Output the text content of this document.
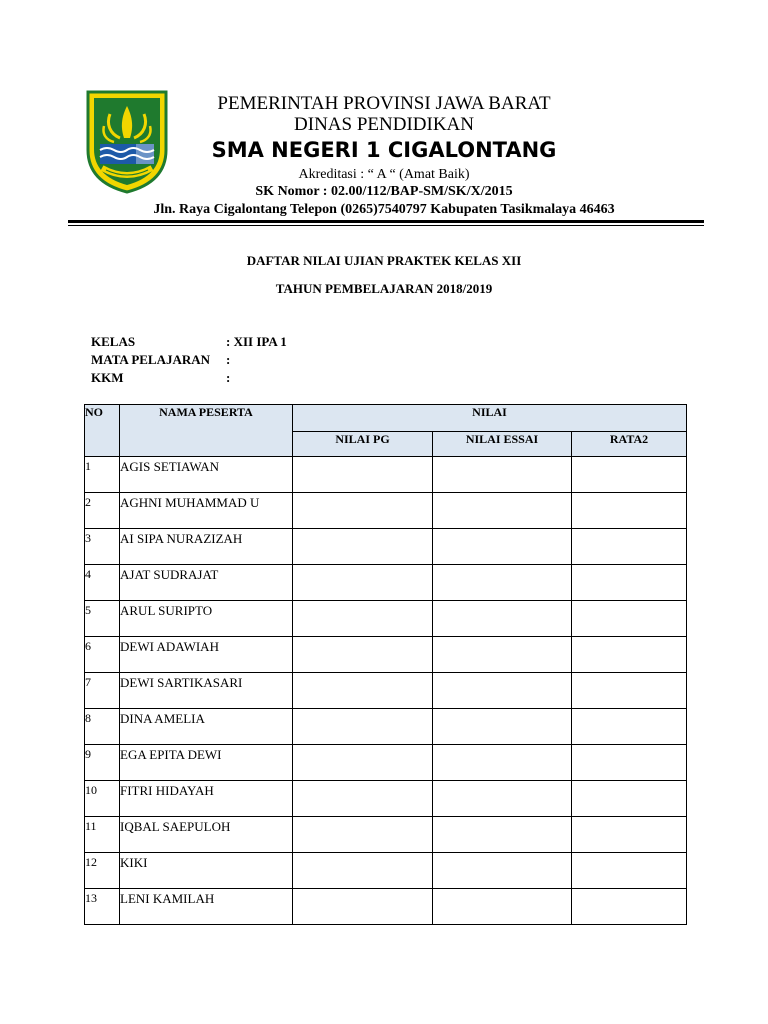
PEMERINTAH PROVINSI JAWA BARAT
DINAS PENDIDIKAN
SMA NEGERI 1 CIGALONTANG
Akreditasi : “ A “ (Amat Baik)
SK Nomor : 02.00/112/BAP-SM/SK/X/2015
Jln. Raya Cigalontang Telepon (0265)7540797 Kabupaten Tasikmalaya 46463
DAFTAR NILAI UJIAN PRAKTEK KELAS XII
TAHUN PEMBELAJARAN 2018/2019
KELAS	: XII IPA 1
MATA PELAJARAN :
KKM	:
NO	NAMA PESERTA	NILAI		
		NILAI PG	NILAI ESSAI	RATA2
1	AGIS SETIAWAN			
2	AGHNI MUHAMMAD U			
3	AI SIPA NURAZIZAH			
4	AJAT SUDRAJAT			
5	ARUL SURIPTO			
6	DEWI ADAWIAH			
7	DEWI SARTIKASARI			
8	DINA AMELIA			
9	EGA EPITA DEWI			
10	FITRI HIDAYAH			
11	IQBAL SAEPULOH			
12	KIKI			
13	LENI KAMILAH			
